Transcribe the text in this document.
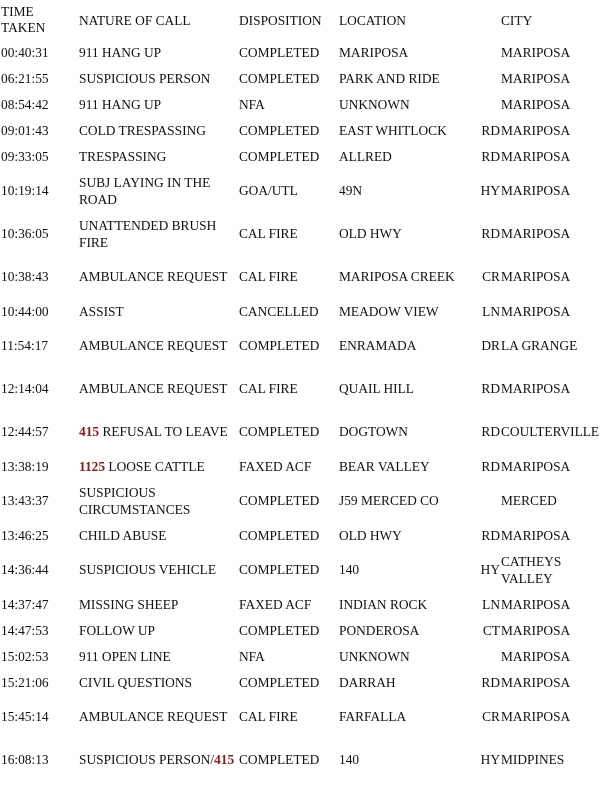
TIME TAKEN	NATURE OF CALL	DISPOSITION	LOCATION		CITY
00:40:31	911 HANG UP	COMPLETED	MARIPOSA		MARIPOSA
06:21:55	SUSPICIOUS PERSON	COMPLETED	PARK AND RIDE		MARIPOSA
08:54:42	911 HANG UP	NFA	UNKNOWN		MARIPOSA
09:01:43	COLD TRESPASSING	COMPLETED	EAST WHITLOCK	RD	MARIPOSA
09:33:05	TRESPASSING	COMPLETED	ALLRED	RD	MARIPOSA
10:19:14	SUBJ LAYING IN THE ROAD	GOA/UTL	49N	HY	MARIPOSA
10:36:05	UNATTENDED BRUSH FIRE	CAL FIRE	OLD HWY	RD	MARIPOSA
10:38:43	AMBULANCE REQUEST	CAL FIRE	MARIPOSA CREEK	CR	MARIPOSA
10:44:00	ASSIST	CANCELLED	MEADOW VIEW	LN	MARIPOSA
11:54:17	AMBULANCE REQUEST	COMPLETED	ENRAMADA	DR	LA GRANGE
12:14:04	AMBULANCE REQUEST	CAL FIRE	QUAIL HILL	RD	MARIPOSA
12:44:57	415 REFUSAL TO LEAVE	COMPLETED	DOGTOWN	RD	COULTERVILLE
13:38:19	1125 LOOSE CATTLE	FAXED ACF	BEAR VALLEY	RD	MARIPOSA
13:43:37	SUSPICIOUS CIRCUMSTANCES	COMPLETED	J59 MERCED CO		MERCED
13:46:25	CHILD ABUSE	COMPLETED	OLD HWY	RD	MARIPOSA
14:36:44	SUSPICIOUS VEHICLE	COMPLETED	140	HY	CATHEYS VALLEY
14:37:47	MISSING SHEEP	FAXED ACF	INDIAN ROCK	LN	MARIPOSA
14:47:53	FOLLOW UP	COMPLETED	PONDEROSA	CT	MARIPOSA
15:02:53	911 OPEN LINE	NFA	UNKNOWN		MARIPOSA
15:21:06	CIVIL QUESTIONS	COMPLETED	DARRAH	RD	MARIPOSA
15:45:14	AMBULANCE REQUEST	CAL FIRE	FARFALLA	CR	MARIPOSA
16:08:13	SUSPICIOUS PERSON/415	COMPLETED	140	HY	MIDPINES
